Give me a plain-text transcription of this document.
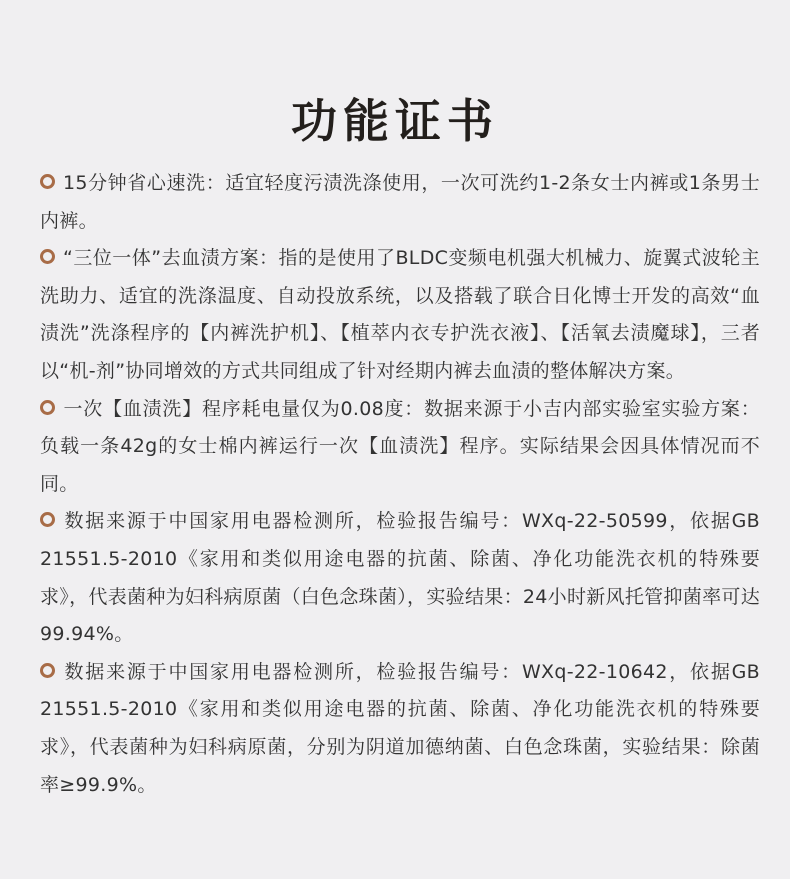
功能证书

15分钟省心速洗：适宜轻度污渍洗涤使用，一次可洗约1-2条女士内裤或1条男士内裤。

“三位一体”去血渍方案：指的是使用了BLDC变频电机强大机械力、旋翼式波轮主洗助力、适宜的洗涤温度、自动投放系统，以及搭载了联合日化博士开发的高效“血渍洗”洗涤程序的【内裤洗护机】、【植萃内衣专护洗衣液】、【活氧去渍魔球】，三者以“机-剂”协同增效的方式共同组成了针对经期内裤去血渍的整体解决方案。

一次【血渍洗】程序耗电量仅为0.08度：数据来源于小吉内部实验室实验方案：负载一条42g的女士棉内裤运行一次【血渍洗】程序。实际结果会因具体情况而不同。

数据来源于中国家用电器检测所，检验报告编号：WXq-22-50599，依据GB 21551.5-2010《家用和类似用途电器的抗菌、除菌、净化功能洗衣机的特殊要求》，代表菌种为妇科病原菌（白色念珠菌），实验结果：24小时新风托管抑菌率可达99.94%。

数据来源于中国家用电器检测所，检验报告编号：WXq-22-10642，依据GB 21551.5-2010《家用和类似用途电器的抗菌、除菌、净化功能洗衣机的特殊要求》，代表菌种为妇科病原菌，分别为阴道加德纳菌、白色念珠菌，实验结果：除菌率≥99.9%。
